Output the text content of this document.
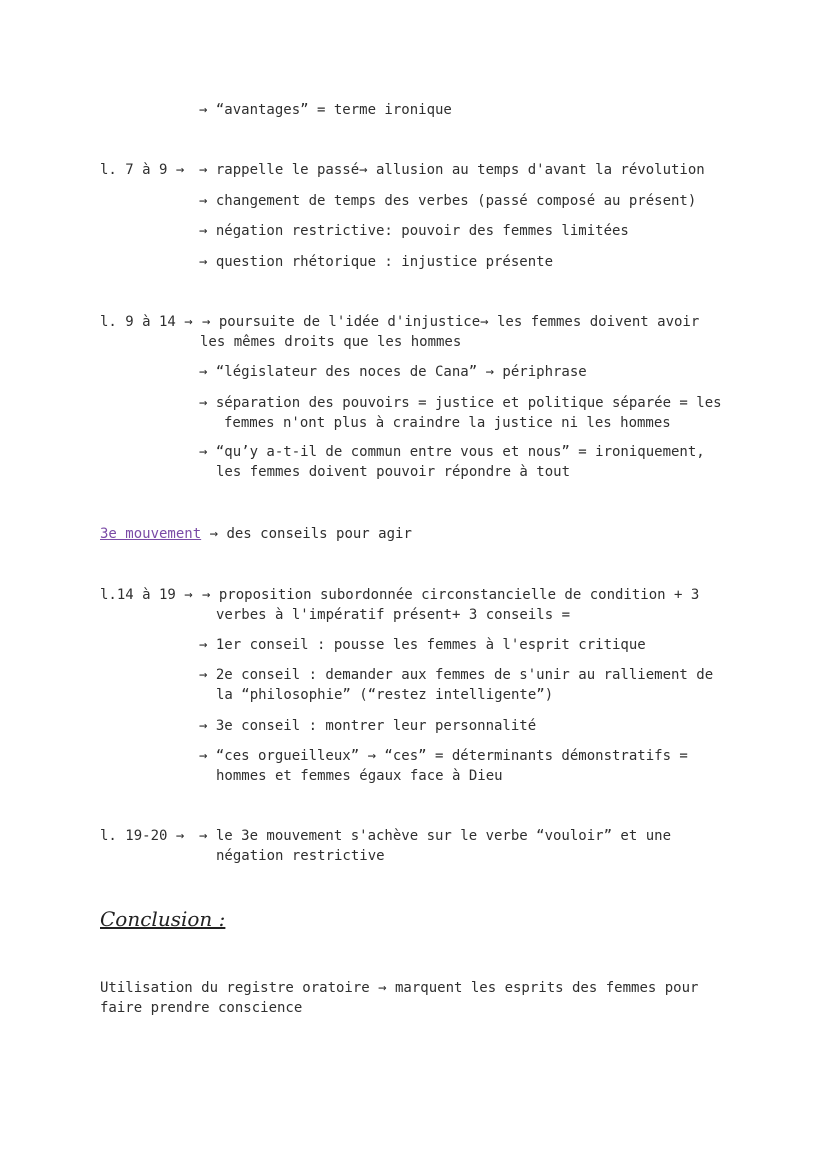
→ “avantages” = terme ironique
l. 7 à 9 → → rappelle le passé→ allusion au temps d'avant la révolution
→ changement de temps des verbes (passé composé au présent)
→ négation restrictive: pouvoir des femmes limitées
→ question rhétorique : injustice présente
l. 9 à 14 → → poursuite de l'idée d'injustice→ les femmes doivent avoir
les mêmes droits que les hommes
→ “législateur des noces de Cana” → périphrase
→ séparation des pouvoirs = justice et politique séparée = les
femmes n'ont plus à craindre la justice ni les hommes
→ “qu’y a-t-il de commun entre vous et nous” = ironiquement,
les femmes doivent pouvoir répondre à tout
3e mouvement → des conseils pour agir
l.14 à 19 → → proposition subordonnée circonstancielle de condition + 3
verbes à l'impératif présent+ 3 conseils =
→ 1er conseil : pousse les femmes à l'esprit critique
→ 2e conseil : demander aux femmes de s'unir au ralliement de
la “philosophie” (“restez intelligente”)
→ 3e conseil : montrer leur personnalité
→ “ces orgueilleux” → “ces” = déterminants démonstratifs =
hommes et femmes égaux face à Dieu
l. 19-20 → → le 3e mouvement s'achève sur le verbe “vouloir” et une
négation restrictive
Conclusion :
Utilisation du registre oratoire → marquent les esprits des femmes pour
faire prendre conscience
